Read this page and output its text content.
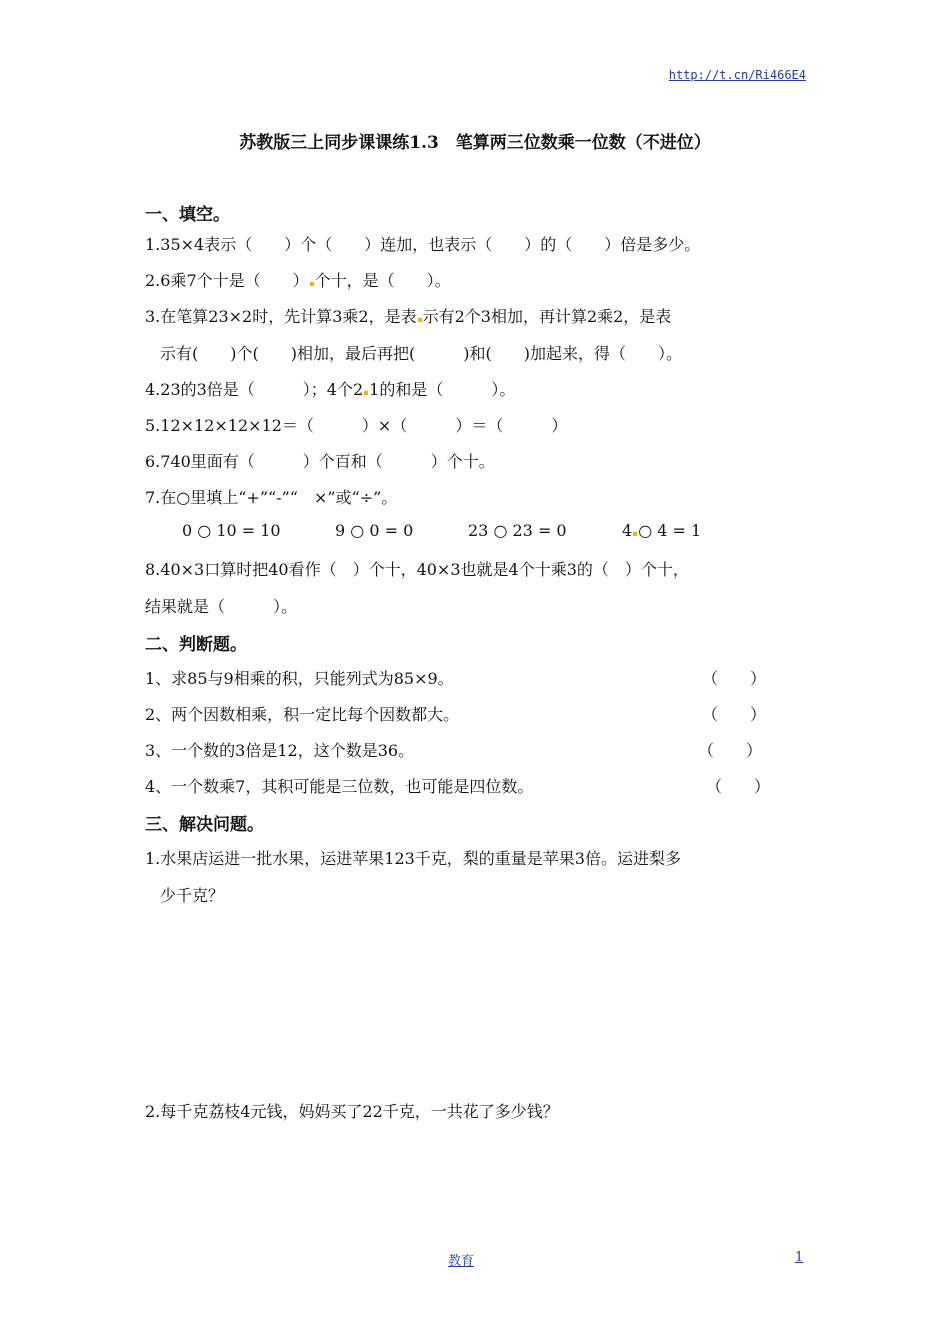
http://t.cn/Ri466E4
苏教版三上同步课课练1.3　笔算两三位数乘一位数（不进位）
一、填空。
1.35×4表示（　　）个（　　）连加，也表示（　　）的（　　）倍是多少。
2.6乘7个十是（　　） 个十，是（　　）。
3.在笔算23×2时，先计算3乘2，是表 示有2个3相加，再计算2乘2，是表
示有(　　)个(　　)相加，最后再把(　　　)和(　　)加起来，得（　　）。
4.23的3倍是（　　　）；4个2 1的和是（　　　）。
5.12×12×12×12＝（　　　）×（　　　）＝（　　　）
6.740里面有（　　　）个百和（　　　）个十。
7.在○里填上“+”“-”“　×”或“÷”。
0 ○ 10 = 10	9 ○ 0 = 0	23 ○ 23 = 0	4 ○ 4 = 1
8.40×3口算时把40看作（　）个十，40×3也就是4个十乘3的（　）个十，
结果就是（　　　）。
二、判断题。
1、求85与9相乘的积，只能列式为85×9。	（　　）
2、两个因数相乘，积一定比每个因数都大。	（　　）
3、一个数的3倍是12，这个数是36。	（　　）
4、一个数乘7，其积可能是三位数，也可能是四位数。	（　　）
三、解决问题。
1.水果店运进一批水果，运进苹果123千克，梨的重量是苹果3倍。运进梨多
少千克？
2.每千克荔枝4元钱，妈妈买了22千克，一共花了多少钱？
教育	1
